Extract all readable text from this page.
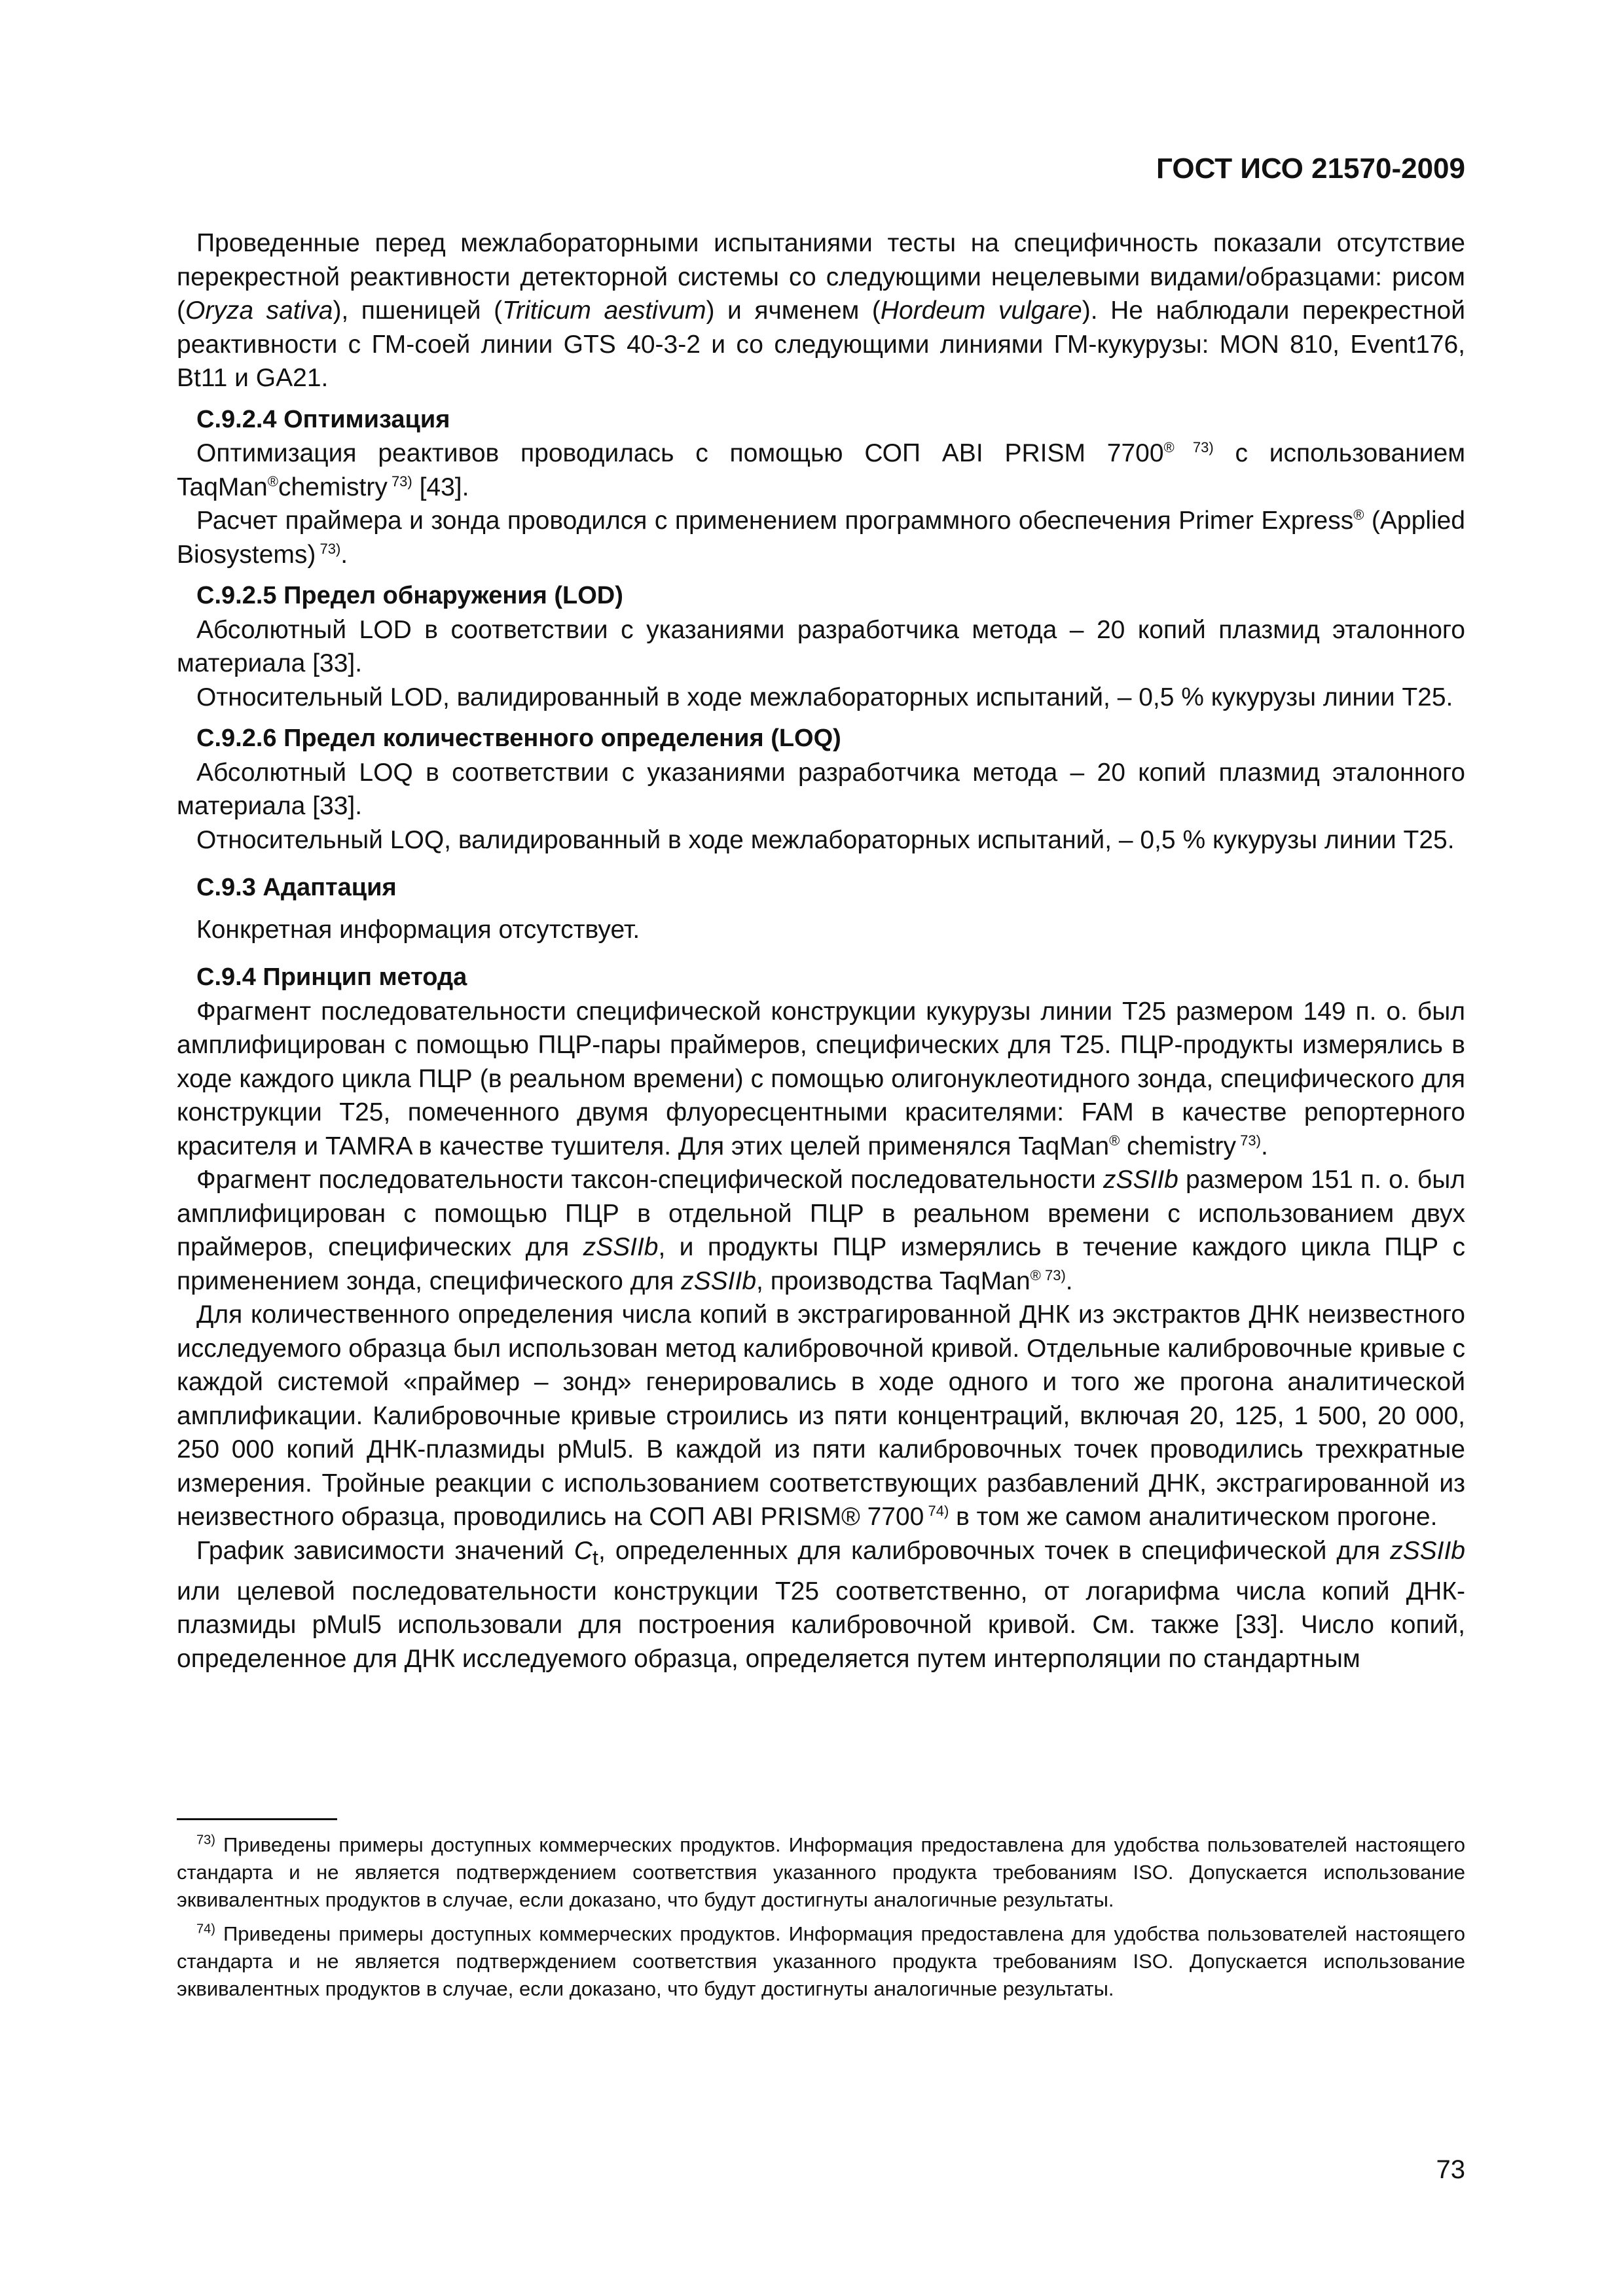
ГОСТ ИСО 21570-2009

Проведенные перед межлабораторными испытаниями тесты на специфичность показали отсутствие перекрестной реактивности детекторной системы со следующими нецелевыми видами/образцами: рисом (Oryza sativa), пшеницей (Triticum aestivum) и ячменем (Hordeum vulgare). Не наблюдали перекрестной реактивности с ГМ-соей линии GTS 40-3-2 и со следующими линиями ГМ-кукурузы: MON 810, Event176, Bt11 и GA21.

С.9.2.4 Оптимизация

Оптимизация реактивов проводилась с помощью СОП ABI PRISM 7700® $^{73)}$ с использованием TaqMan®chemistry $^{73)}$ [43].

Расчет праймера и зонда проводился с применением программного обеспечения Primer Express® (Applied Biosystems) $^{73)}$.

С.9.2.5 Предел обнаружения (LOD)

Абсолютный LOD в соответствии с указаниями разработчика метода – 20 копий плазмид эталонного материала [33].

Относительный LOD, валидированный в ходе межлабораторных испытаний, – 0,5 % кукурузы линии T25.

С.9.2.6 Предел количественного определения (LOQ)

Абсолютный LOQ в соответствии с указаниями разработчика метода – 20 копий плазмид эталонного материала [33].

Относительный LOQ, валидированный в ходе межлабораторных испытаний, – 0,5 % кукурузы линии T25.

С.9.3 Адаптация

Конкретная информация отсутствует.

С.9.4 Принцип метода

Фрагмент последовательности специфической конструкции кукурузы линии T25 размером 149 п. о. был амплифицирован с помощью ПЦР-пары праймеров, специфических для T25. ПЦР-продукты измерялись в ходе каждого цикла ПЦР (в реальном времени) с помощью олигонуклеотидного зонда, специфического для конструкции T25, помеченного двумя флуоресцентными красителями: FAM в качестве репортерного красителя и TAMRA в качестве тушителя. Для этих целей применялся TaqMan® chemistry $^{73)}$.

Фрагмент последовательности таксон-специфической последовательности zSSIIb размером 151 п. о. был амплифицирован с помощью ПЦР в отдельной ПЦР в реальном времени с использованием двух праймеров, специфических для zSSIIb, и продукты ПЦР измерялись в течение каждого цикла ПЦР с применением зонда, специфического для zSSIIb, производства TaqMan® $^{73)}$.

Для количественного определения числа копий в экстрагированной ДНК из экстрактов ДНК неизвестного исследуемого образца был использован метод калибровочной кривой. Отдельные калибровочные кривые с каждой системой «праймер – зонд» генерировались в ходе одного и того же прогона аналитической амплификации. Калибровочные кривые строились из пяти концентраций, включая 20, 125, 1 500, 20 000, 250 000 копий ДНК-плазмиды pMul5. В каждой из пяти калибровочных точек проводились трехкратные измерения. Тройные реакции с использованием соответствующих разбавлений ДНК, экстрагированной из неизвестного образца, проводились на СОП ABI PRISM® 7700 $^{74)}$ в том же самом аналитическом прогоне.

График зависимости значений $C_t$, определенных для калибровочных точек в специфической для zSSIIb или целевой последовательности конструкции T25 соответственно, от логарифма числа копий ДНК-плазмиды pMul5 использовали для построения калибровочной кривой. См. также [33]. Число копий, определенное для ДНК исследуемого образца, определяется путем интерполяции по стандартным

$^{73)}$ Приведены примеры доступных коммерческих продуктов. Информация предоставлена для удобства пользователей настоящего стандарта и не является подтверждением соответствия указанного продукта требованиям ISO. Допускается использование эквивалентных продуктов в случае, если доказано, что будут достигнуты аналогичные результаты.

$^{74)}$ Приведены примеры доступных коммерческих продуктов. Информация предоставлена для удобства пользователей настоящего стандарта и не является подтверждением соответствия указанного продукта требованиям ISO. Допускается использование эквивалентных продуктов в случае, если доказано, что будут достигнуты аналогичные результаты.

73
